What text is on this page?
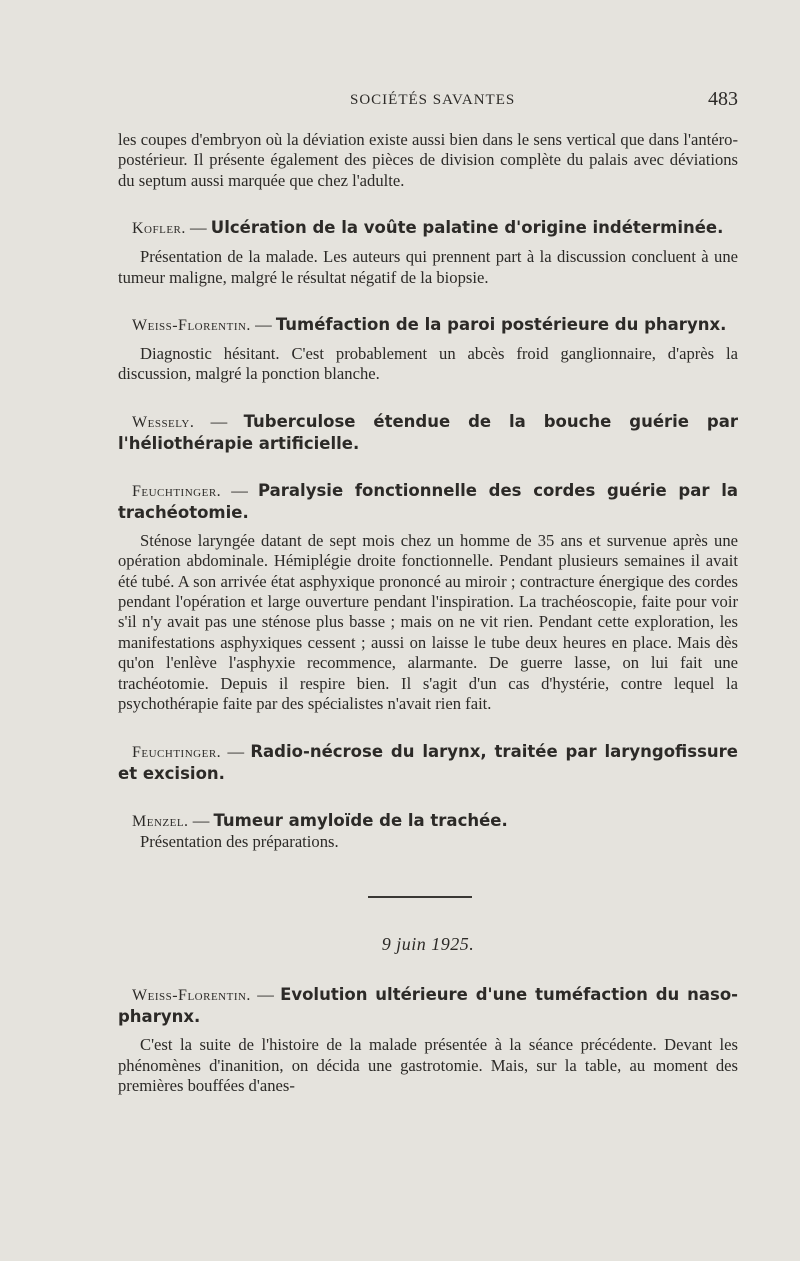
SOCIÉTÉS SAVANTES	483

les coupes d'embryon où la déviation existe aussi bien dans le sens vertical que dans l'antéro-postérieur. Il présente également des pièces de division complète du palais avec déviations du septum aussi marquée que chez l'adulte.

Kofler. — Ulcération de la voûte palatine d'origine indéterminée.

Présentation de la malade. Les auteurs qui prennent part à la discussion concluent à une tumeur maligne, malgré le résultat négatif de la biopsie.

Weiss-Florentin. — Tuméfaction de la paroi postérieure du pharynx.

Diagnostic hésitant. C'est probablement un abcès froid ganglionnaire, d'après la discussion, malgré la ponction blanche.

Wessely. — Tuberculose étendue de la bouche guérie par l'héliothérapie artificielle.

Feuchtinger. — Paralysie fonctionnelle des cordes guérie par la trachéotomie.

Sténose laryngée datant de sept mois chez un homme de 35 ans et survenue après une opération abdominale. Hémiplégie droite fonctionnelle. Pendant plusieurs semaines il avait été tubé. A son arrivée état asphyxique prononcé au miroir ; contracture énergique des cordes pendant l'opération et large ouverture pendant l'inspiration. La trachéoscopie, faite pour voir s'il n'y avait pas une sténose plus basse ; mais on ne vit rien. Pendant cette exploration, les manifestations asphyxiques cessent ; aussi on laisse le tube deux heures en place. Mais dès qu'on l'enlève l'asphyxie recommence, alarmante. De guerre lasse, on lui fait une trachéotomie. Depuis il respire bien. Il s'agit d'un cas d'hystérie, contre lequel la psychothérapie faite par des spécialistes n'avait rien fait.

Feuchtinger. — Radio-nécrose du larynx, traitée par laryngofissure et excision.

Menzel. — Tumeur amyloïde de la trachée.

Présentation des préparations.

9 juin 1925.

Weiss-Florentin. — Evolution ultérieure d'une tuméfaction du naso-pharynx.

C'est la suite de l'histoire de la malade présentée à la séance précédente. Devant les phénomènes d'inanition, on décida une gastrotomie. Mais, sur la table, au moment des premières bouffées d'anes-
